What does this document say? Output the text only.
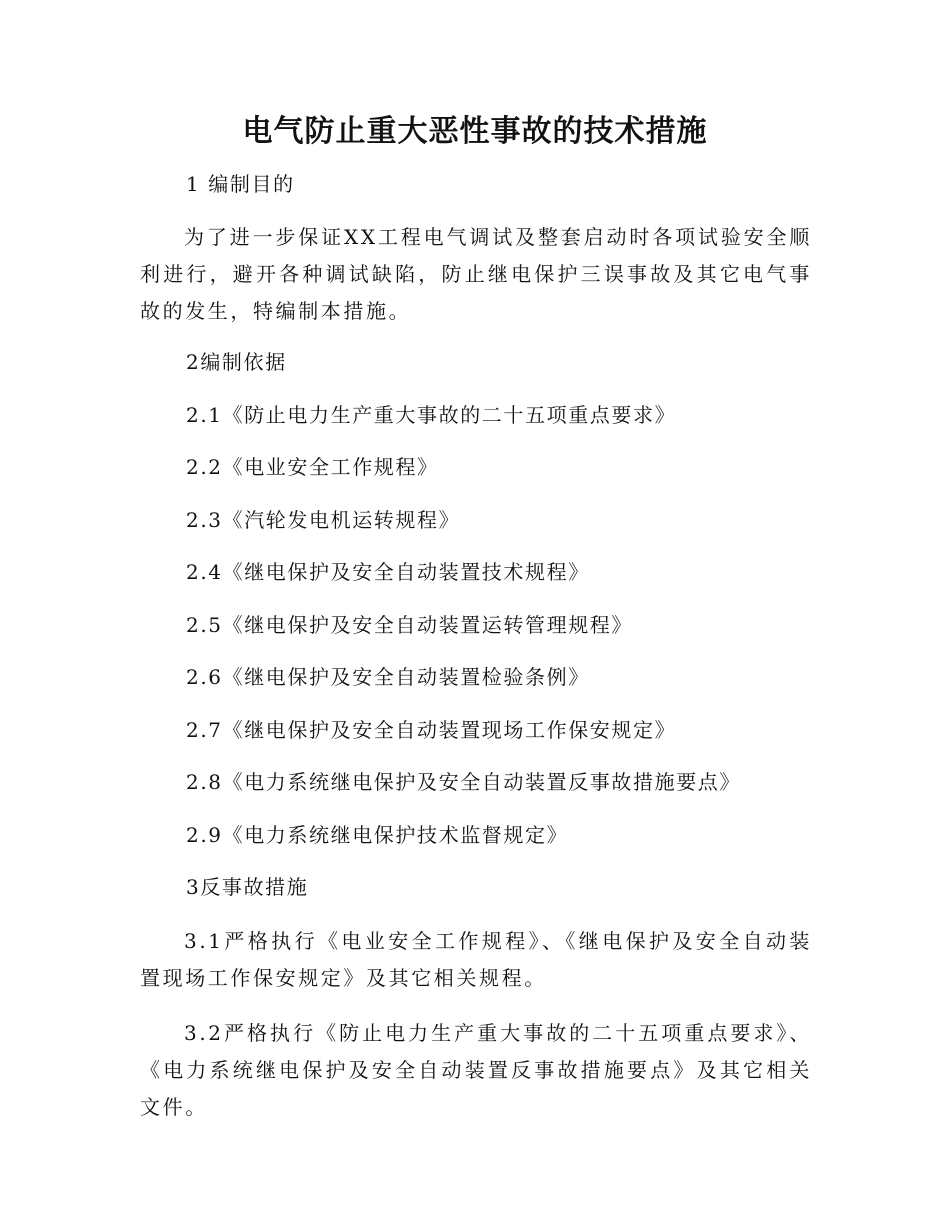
电气防止重大恶性事故的技术措施
1 编制目的
为了进一步保证XX工程电气调试及整套启动时各项试验安全顺利进行，避开各种调试缺陷，防止继电保护三误事故及其它电气事故的发生，特编制本措施。
2编制依据
2.1《防止电力生产重大事故的二十五项重点要求》
2.2《电业安全工作规程》
2.3《汽轮发电机运转规程》
2.4《继电保护及安全自动装置技术规程》
2.5《继电保护及安全自动装置运转管理规程》
2.6《继电保护及安全自动装置检验条例》
2.7《继电保护及安全自动装置现场工作保安规定》
2.8《电力系统继电保护及安全自动装置反事故措施要点》
2.9《电力系统继电保护技术监督规定》
3反事故措施
3.1严格执行《电业安全工作规程》、《继电保护及安全自动装置现场工作保安规定》及其它相关规程。
3.2严格执行《防止电力生产重大事故的二十五项重点要求》、《电力系统继电保护及安全自动装置反事故措施要点》及其它相关文件。
